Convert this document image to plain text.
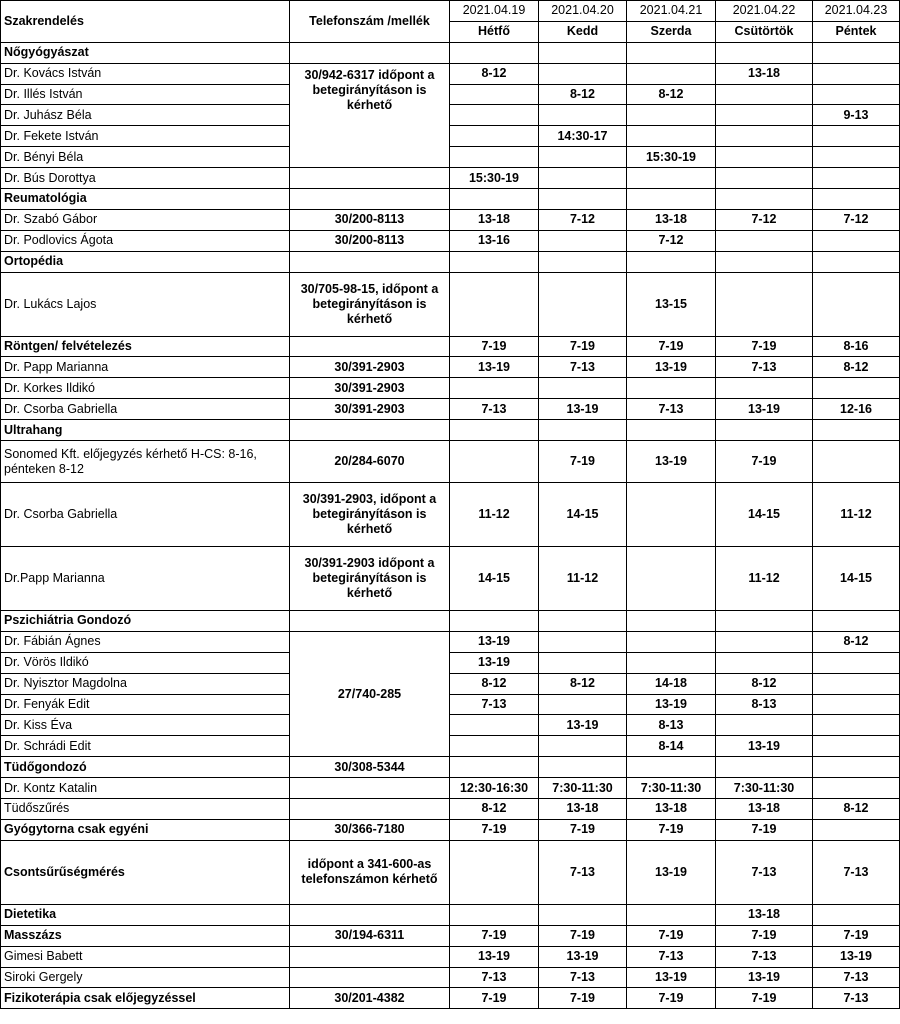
Szakrendelés	Telefonszám /mellék	2021.04.19	2021.04.20	2021.04.21	2021.04.22	2021.04.23
		Hétfő	Kedd	Szerda	Csütörtök	Péntek
Nőgyógyászat						
Dr. Kovács István	30/942-6317 időpont a betegirányításon is kérhető	8-12			13-18	
Dr. Illés István			8-12	8-12		
Dr. Juhász Béla						9-13
Dr. Fekete István			14:30-17			
Dr. Bényi Béla				15:30-19		
Dr. Bús Dorottya		15:30-19				
Reumatológia						
Dr. Szabó Gábor	30/200-8113	13-18	7-12	13-18	7-12	7-12
Dr. Podlovics Ágota	30/200-8113	13-16		7-12		
Ortopédia						
Dr. Lukács Lajos	30/705-98-15, időpont a betegirányításon is kérhető			13-15		
Röntgen/ felvételezés		7-19	7-19	7-19	7-19	8-16
Dr. Papp Marianna	30/391-2903	13-19	7-13	13-19	7-13	8-12
Dr. Korkes Ildikó	30/391-2903					
Dr. Csorba Gabriella	30/391-2903	7-13	13-19	7-13	13-19	12-16
Ultrahang						
Sonomed Kft. előjegyzés kérhető H-CS: 8-16, pénteken 8-12	20/284-6070		7-19	13-19	7-19	
Dr. Csorba Gabriella	30/391-2903, időpont a betegirányításon is kérhető	11-12	14-15		14-15	11-12
Dr.Papp Marianna	30/391-2903 időpont a betegirányításon is kérhető	14-15	11-12		11-12	14-15
Pszichiátria Gondozó						
Dr. Fábián Ágnes	27/740-285	13-19				8-12
Dr. Vörös Ildikó		13-19				
Dr. Nyisztor Magdolna		8-12	8-12	14-18	8-12	
Dr. Fenyák Edit		7-13		13-19	8-13	
Dr. Kiss Éva			13-19	8-13		
Dr. Schrádi Edit				8-14	13-19	
Tüdőgondozó	30/308-5344					
Dr. Kontz Katalin		12:30-16:30	7:30-11:30	7:30-11:30	7:30-11:30	
Tüdőszűrés		8-12	13-18	13-18	13-18	8-12
Gyógytorna csak egyéni	30/366-7180	7-19	7-19	7-19	7-19	
Csontsűrűségmérés	időpont a 341-600-as telefonszámon kérhető		7-13	13-19	7-13	7-13
Dietetika					13-18	
Masszázs	30/194-6311	7-19	7-19	7-19	7-19	7-19
Gimesi Babett		13-19	13-19	7-13	7-13	13-19
Siroki Gergely		7-13	7-13	13-19	13-19	7-13
Fizikoterápia csak előjegyzéssel	30/201-4382	7-19	7-19	7-19	7-19	7-13
